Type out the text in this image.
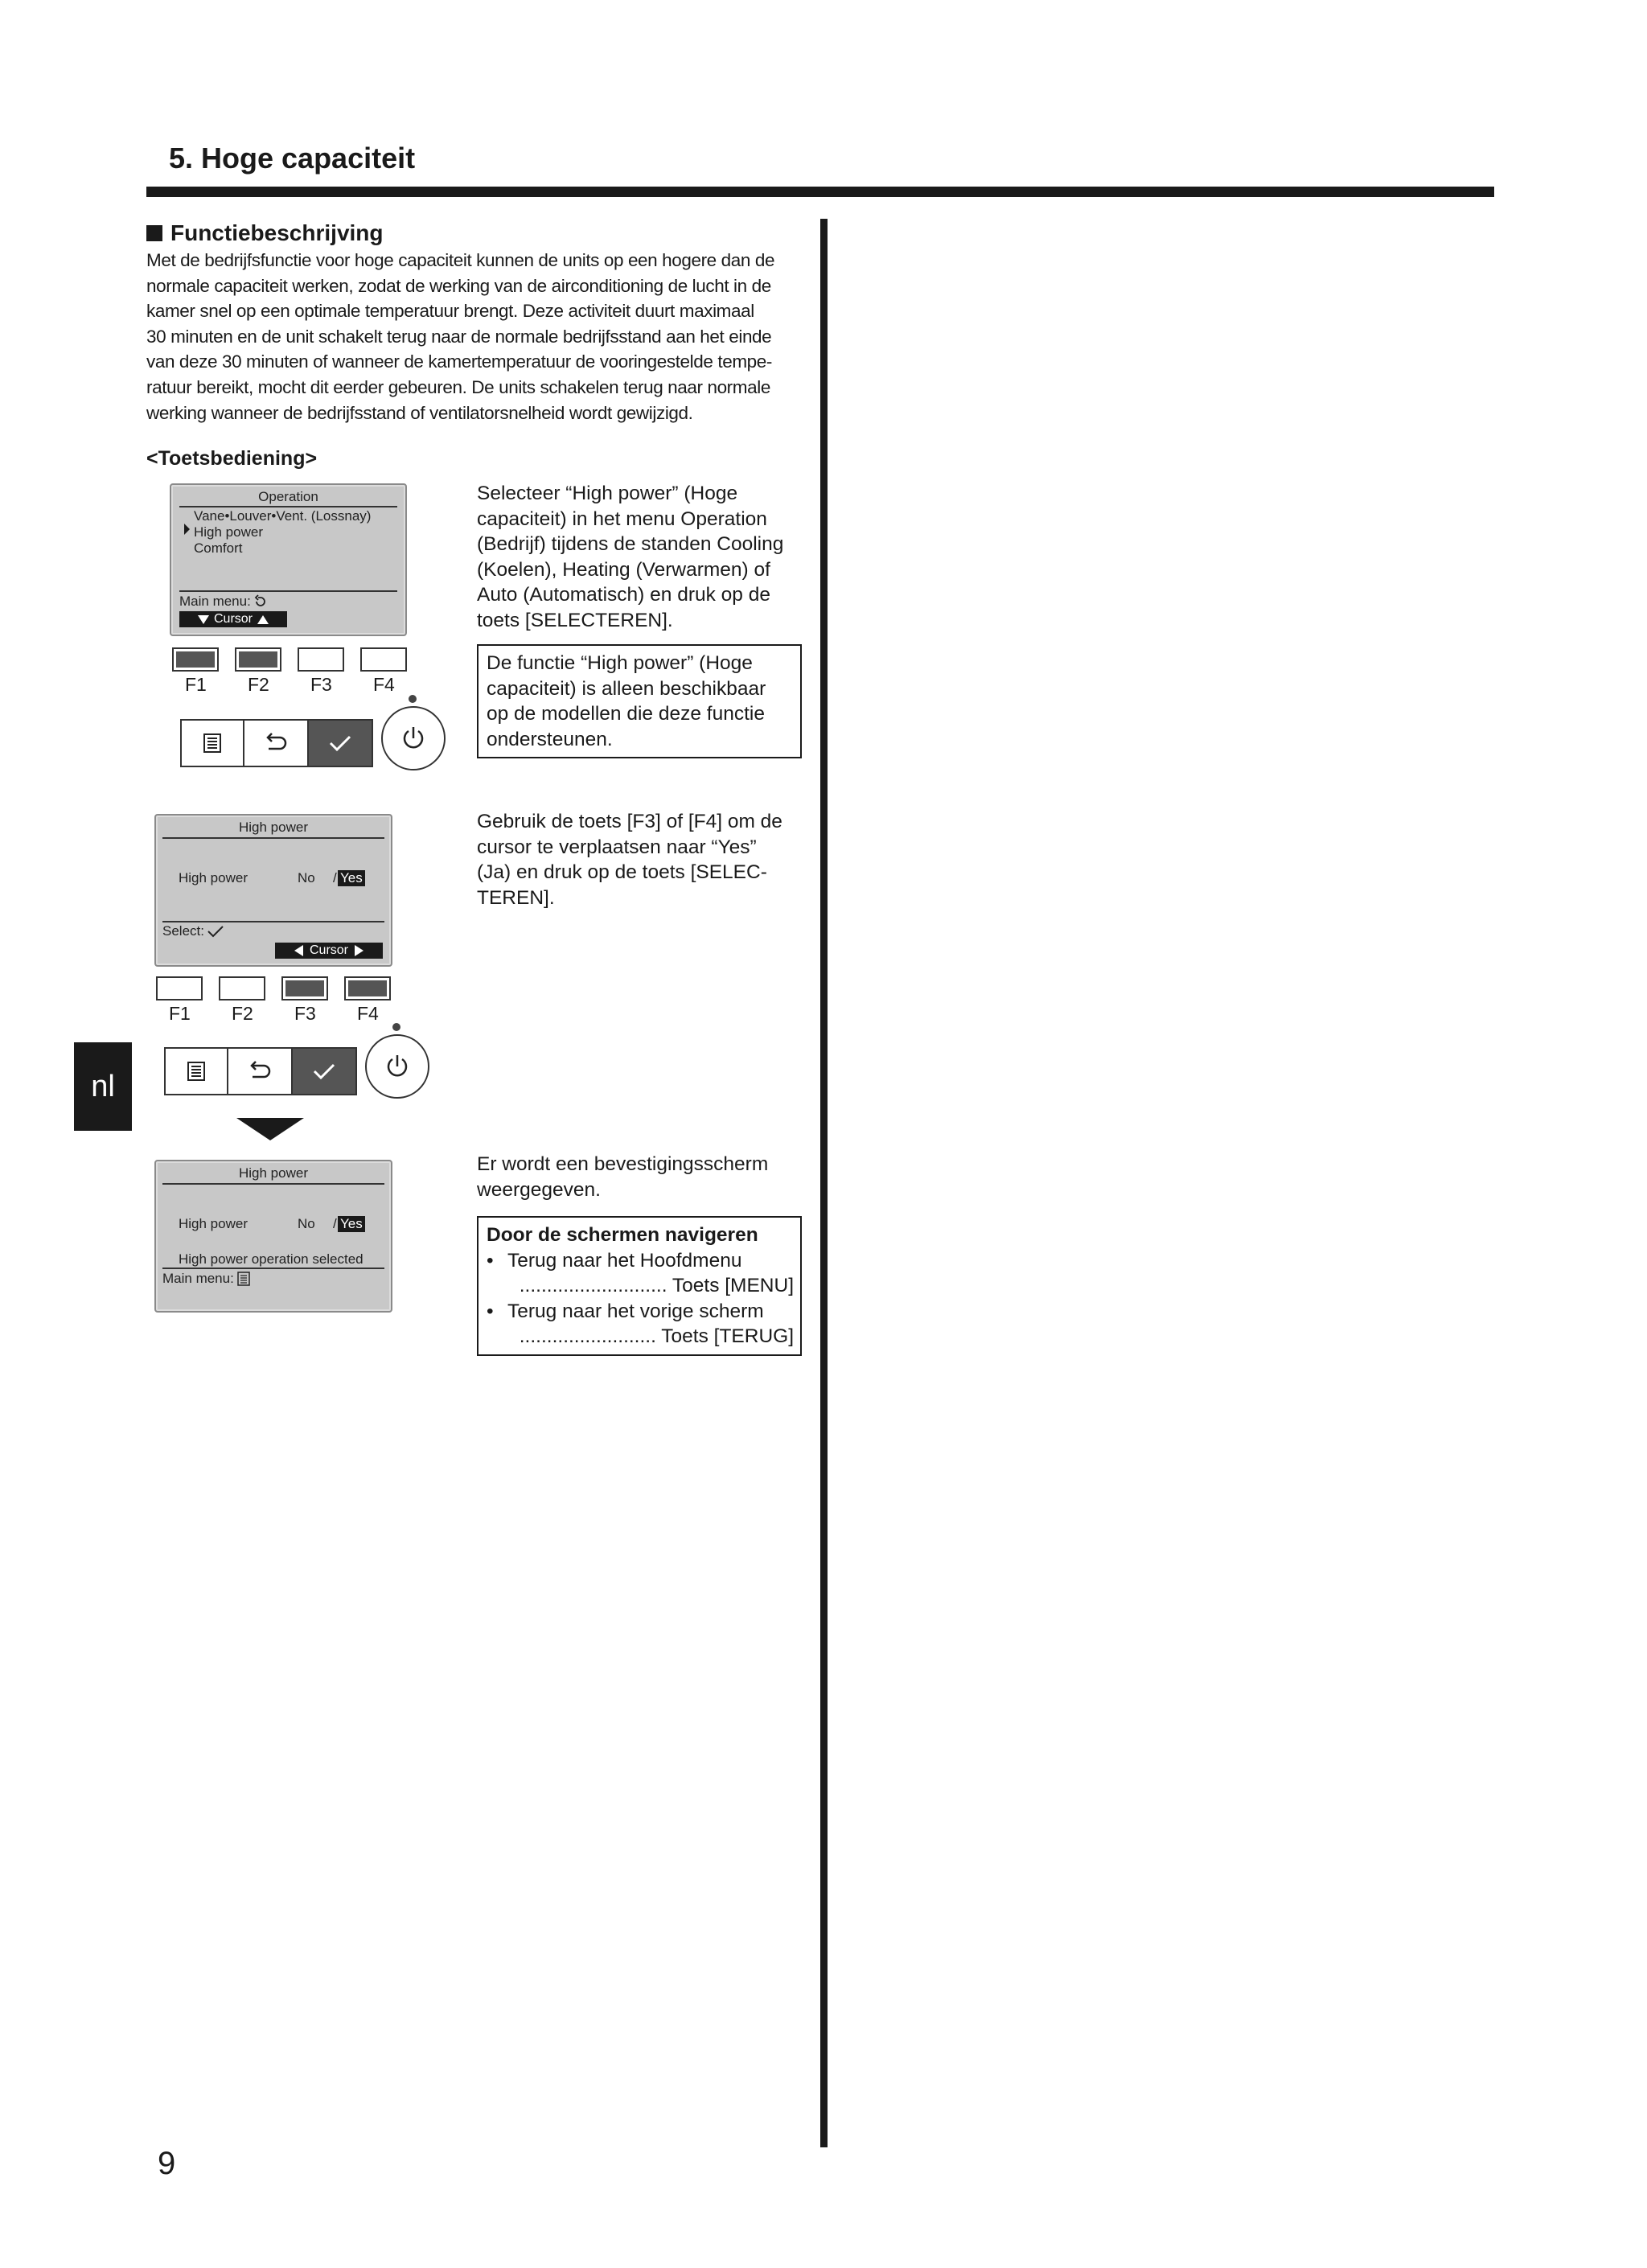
5. Hoge capaciteit
Functiebeschrijving
Met de bedrijfsfunctie voor hoge capaciteit kunnen de units op een hogere dan de
normale capaciteit werken, zodat de werking van de airconditioning de lucht in de
kamer snel op een optimale temperatuur brengt. Deze activiteit duurt maximaal
30 minuten en de unit schakelt terug naar de normale bedrijfsstand aan het einde
van deze 30 minuten of wanneer de kamertemperatuur de vooringestelde tempe-
ratuur bereikt, mocht dit eerder gebeuren. De units schakelen terug naar normale
werking wanneer de bedrijfsstand of ventilatorsnelheid wordt gewijzigd.
<Toetsbediening>
Operation
Vane•Louver•Vent. (Lossnay)
High power
Comfort
Main menu:
Cursor
F1 F2 F3 F4
Selecteer “High power” (Hoge
capaciteit) in het menu Operation
(Bedrijf) tijdens de standen Cooling
(Koelen), Heating (Verwarmen) of
Auto (Automatisch) en druk op de
toets [SELECTEREN].
De functie “High power” (Hoge
capaciteit) is alleen beschikbaar
op de modellen die deze functie
ondersteunen.
High power
High power	No / Yes
Select:
Cursor
F1 F2 F3 F4
Gebruik de toets [F3] of [F4] om de
cursor te verplaatsen naar “Yes”
(Ja) en druk op de toets [SELEC-
TEREN].
High power
High power	No / Yes
High power operation selected
Main menu:
Er wordt een bevestigingsscherm
weergegeven.
Door de schermen navigeren
• Terug naar het Hoofdmenu
........................... Toets [MENU]
• Terug naar het vorige scherm
......................... Toets [TERUG]
nl
9
